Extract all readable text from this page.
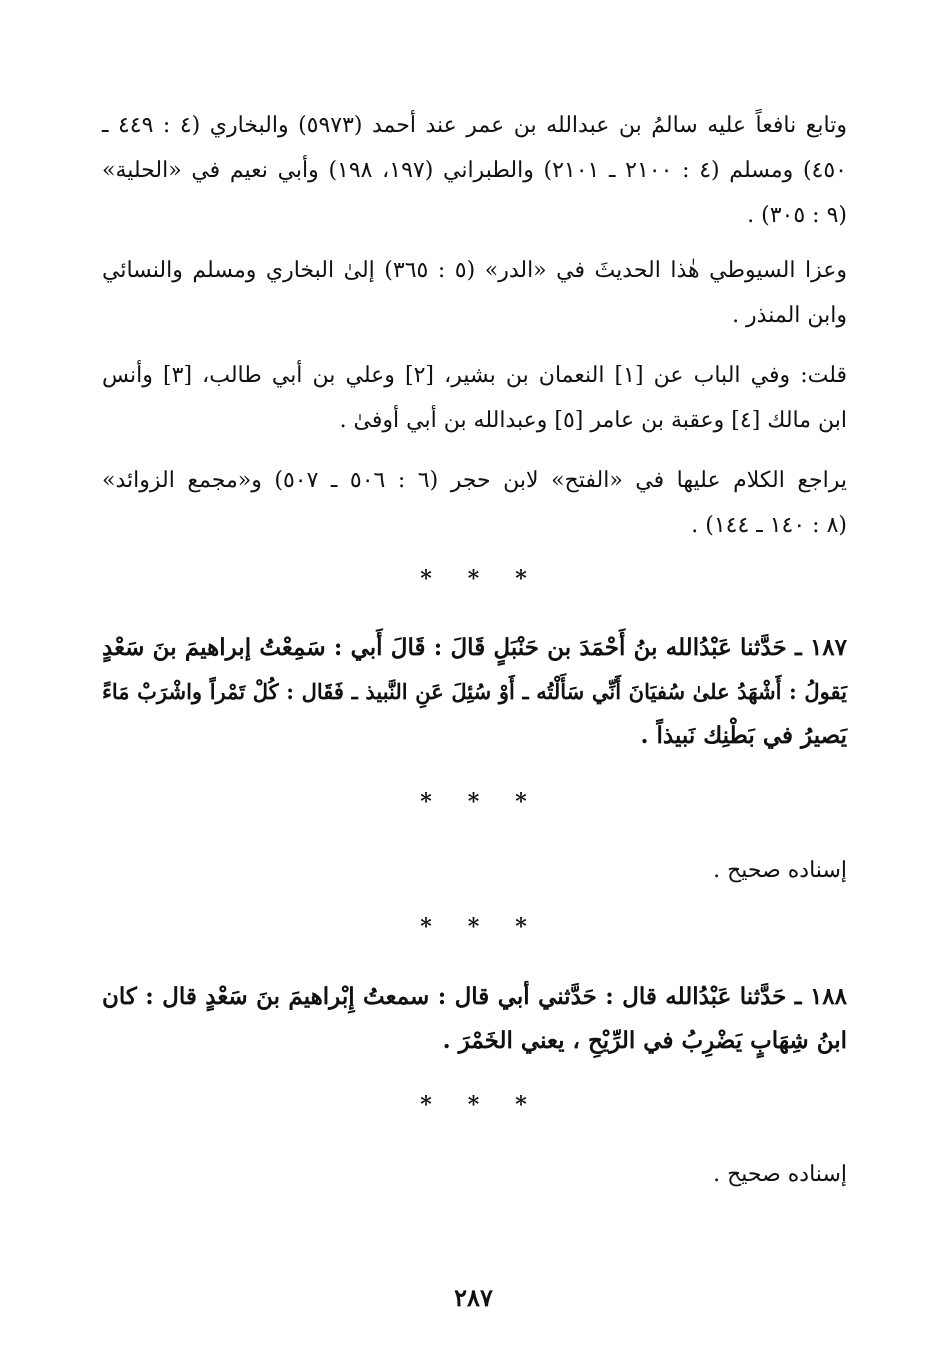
وتابع نافعاً عليه سالمُ بن عبدالله بن عمر عند أحمد (٥٩٧٣) والبخاري (٤ : ٤٤٩ ـ
٤٥٠) ومسلم (٤ : ٢١٠٠ ـ ٢١٠١) والطبراني (١٩٧، ١٩٨) وأبي نعيم في «الحلية»
(٩ : ٣٠٥) .

وعزا السيوطي هٰذا الحديثَ في «الدر» (٥ : ٣٦٥) إلىٰ البخاري ومسلم والنسائي
وابن المنذر .

قلت: وفي الباب عن [١] النعمان بن بشير، [٢] وعلي بن أبي طالب، [٣] وأنس
ابن مالك [٤] وعقبة بن عامر [٥] وعبدالله بن أبي أوفىٰ .

يراجع الكلام عليها في «الفتح» لابن حجر (٦ : ٥٠٦ ـ ٥٠٧) و«مجمع الزوائد»
(٨ : ١٤٠ ـ ١٤٤) .

***

١٨٧ ـ حَدَّثنا عَبْدُالله بنُ أَحْمَدَ بن حَنْبَلٍ قَالَ : قَالَ أَبي : سَمِعْتُ إبراهيمَ بنَ سَعْدٍ
يَقولُ : أَشْهَدُ علىٰ سُفيَانَ أَنِّي سَأَلْتُه ـ أَوْ سُئِلَ عَنِ النَّبيذ ـ فَقَال : كُلْ تَمْراً واشْرَبْ مَاءً
يَصيرُ في بَطْنِك نَبيذاً .

***

إسناده صحيح .

***

١٨٨ ـ حَدَّثنا عَبْدُالله قال : حَدَّثني أبي قال : سمعتُ إِبْراهيمَ بنَ سَعْدٍ قال : كان
ابنُ شِهَابٍ يَضْرِبُ في الرِّيْحِ ، يعني الخَمْرَ .

***

إسناده صحيح .

٢٨٧
